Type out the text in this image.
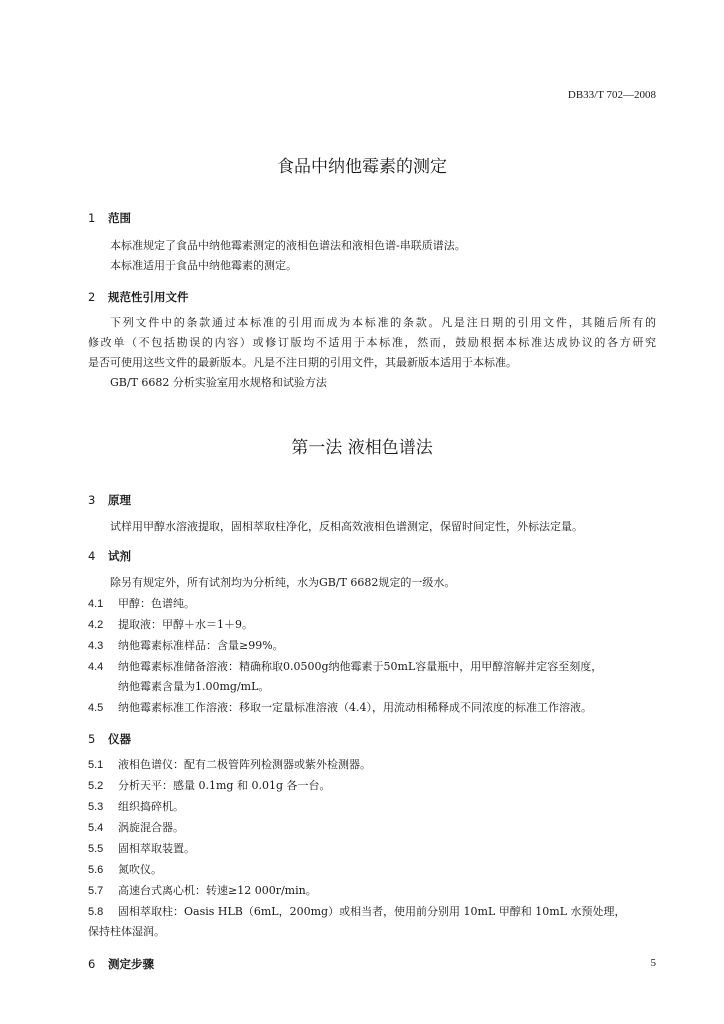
DB33/T 702—2008
食品中纳他霉素的测定
1 范围
本标准规定了食品中纳他霉素测定的液相色谱法和液相色谱-串联质谱法。
本标准适用于食品中纳他霉素的测定。
2 规范性引用文件
下列文件中的条款通过本标准的引用而成为本标准的条款。凡是注日期的引用文件，其随后所有的
修改单（不包括勘误的内容）或修订版均不适用于本标准，然而，鼓励根据本标准达成协议的各方研究
是否可使用这些文件的最新版本。凡是不注日期的引用文件，其最新版本适用于本标准。
GB/T 6682 分析实验室用水规格和试验方法
第一法 液相色谱法
3 原理
试样用甲醇水溶液提取，固相萃取柱净化，反相高效液相色谱测定，保留时间定性，外标法定量。
4 试剂
除另有规定外，所有试剂均为分析纯，水为GB/T 6682规定的一级水。
4.1 甲醇：色谱纯。
4.2 提取液：甲醇＋水＝1＋9。
4.3 纳他霉素标准样品：含量≥99%。
4.4 纳他霉素标准储备溶液：精确称取0.0500g纳他霉素于50mL容量瓶中，用甲醇溶解并定容至刻度，
纳他霉素含量为1.00mg/mL。
4.5 纳他霉素标准工作溶液：移取一定量标准溶液（4.4），用流动相稀释成不同浓度的标准工作溶液。
5 仪器
5.1 液相色谱仪：配有二极管阵列检测器或紫外检测器。
5.2 分析天平：感量 0.1mg 和 0.01g 各一台。
5.3 组织捣碎机。
5.4 涡旋混合器。
5.5 固相萃取装置。
5.6 氮吹仪。
5.7 高速台式离心机：转速≥12 000r/min。
5.8 固相萃取柱：Oasis HLB（6mL，200mg）或相当者，使用前分别用 10mL 甲醇和 10mL 水预处理，
保持柱体湿润。
6 测定步骤	5
